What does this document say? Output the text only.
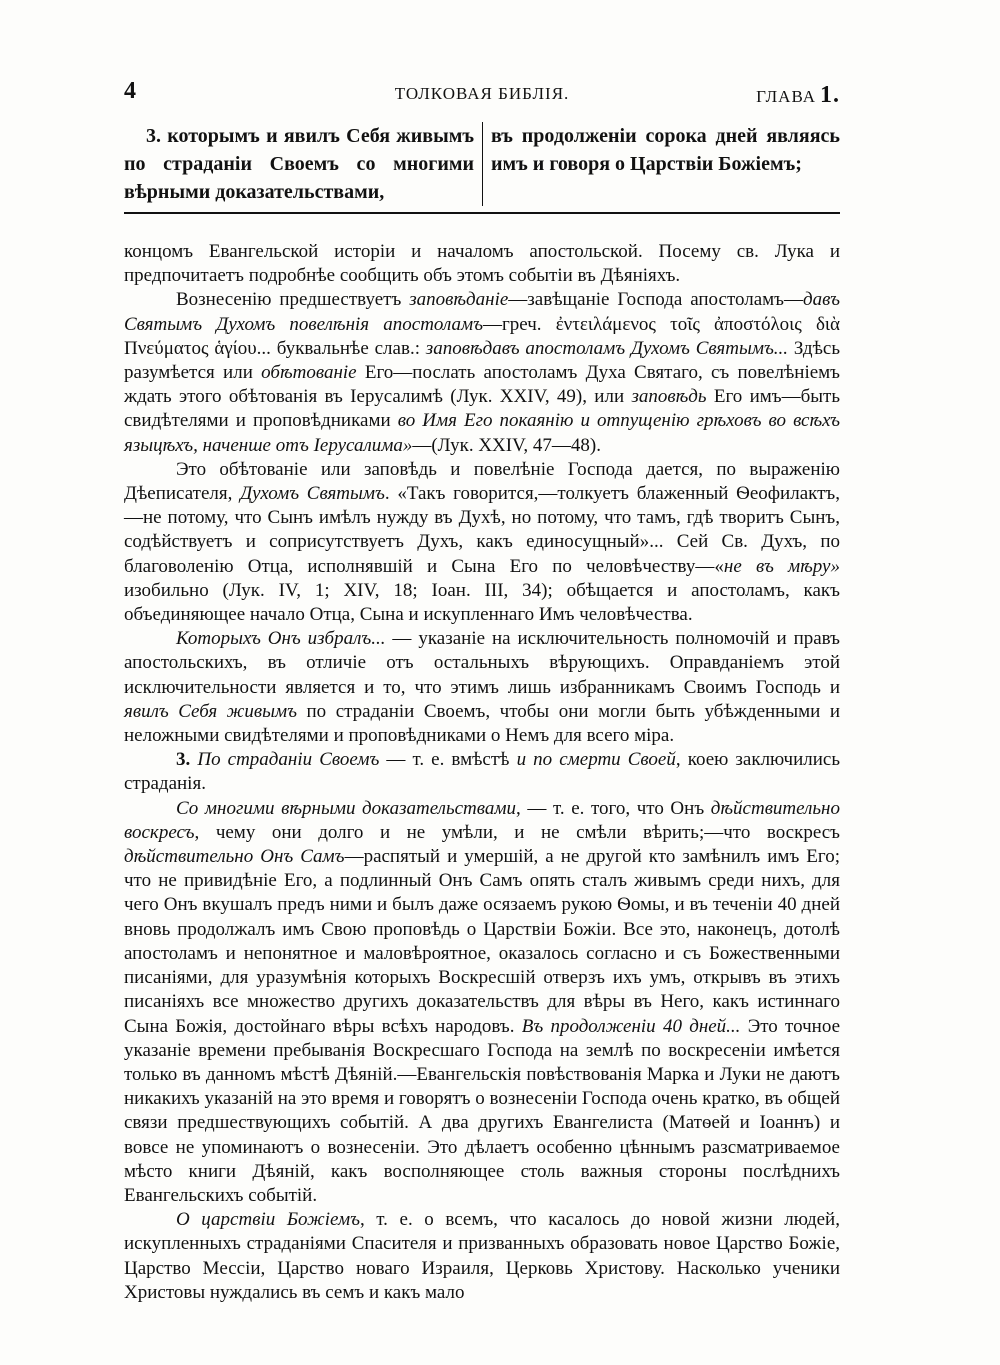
4	ТОЛКОВАЯ БИБЛІЯ.	ГЛАВА 1.
3. которымъ и явилъ Себя живымъ по страданіи Своемъ со многими вѣрными доказательствами,
въ продолженіи сорока дней являясь имъ и говоря о Царствіи Божіемъ;

концомъ Евангельской исторіи и началомъ апостольской. Посему св. Лука и предпочитаетъ подробнѣе сообщить объ этомъ событіи въ Дѣяніяхъ.

Вознесенію предшествуетъ заповѣданіе—завѣщаніе Господа апостоламъ—давъ Святымъ Духомъ повелѣнія апостоламъ—греч. ἐντειλάμενος τοῖς ἀποστόλοις διὰ Πνεύματος ἁγίου... буквальнѣе слав.: заповѣдавъ апостоламъ Духомъ Святымъ... Здѣсь разумѣется или обѣтованіе Его—послать апостоламъ Духа Святаго, съ повелѣніемъ ждать этого обѣтованія въ Іерусалимѣ (Лук. XXIV, 49), или заповѣдь Его имъ—быть свидѣтелями и проповѣдниками во Имя Его покаянію и отпущенію грѣховъ во всѣхъ языцѣхъ, наченше отъ Іерусалима»—(Лук. XXIV, 47—48).

Это обѣтованіе или заповѣдь и повелѣніе Господа дается, по выраженію Дѣеписателя, Духомъ Святымъ. «Такъ говорится,—толкуетъ блаженный Ѳеофилактъ,—не потому, что Сынъ имѣлъ нужду въ Духѣ, но потому, что тамъ, гдѣ творитъ Сынъ, содѣйствуетъ и соприсутствуетъ Духъ, какъ единосущный»... Сей Св. Духъ, по благоволенію Отца, исполнявшій и Сына Его по человѣчеству—«не въ мѣру» изобильно (Лук. IV, 1; XIV, 18; Іоан. III, 34); обѣщается и апостоламъ, какъ объединяющее начало Отца, Сына и искупленнаго Имъ человѣчества.

Которыхъ Онъ избралъ... — указаніе на исключительность полномочій и правъ апостольскихъ, въ отличіе отъ остальныхъ вѣрующихъ. Оправданіемъ этой исключительности является и то, что этимъ лишь избранникамъ Своимъ Господь и явилъ Себя живымъ по страданіи Своемъ, чтобы они могли быть убѣжденными и неложными свидѣтелями и проповѣдниками о Немъ для всего міра.

3. По страданіи Своемъ — т. е. вмѣстѣ и по смерти Своей, коею заключились страданія.

Со многими вѣрными доказательствами, — т. е. того, что Онъ дѣйствительно воскресъ, чему они долго и не умѣли, и не смѣли вѣрить;—что воскресъ дѣйствительно Онъ Самъ—распятый и умершій, а не другой кто замѣнилъ имъ Его; что не привидѣніе Его, а подлинный Онъ Самъ опять сталъ живымъ среди нихъ, для чего Онъ вкушалъ предъ ними и былъ даже осязаемъ рукою Ѳомы, и въ теченіи 40 дней вновь продолжалъ имъ Свою проповѣдь о Царствіи Божіи. Все это, наконецъ, дотолѣ апостоламъ и непонятное и маловѣроятное, оказалось согласно и съ Божественными писаніями, для уразумѣнія которыхъ Воскресшій отверзъ ихъ умъ, открывъ въ этихъ писаніяхъ все множество другихъ доказательствъ для вѣры въ Него, какъ истиннаго Сына Божія, достойнаго вѣры всѣхъ народовъ. Въ продолженіи 40 дней... Это точное указаніе времени пребыванія Воскресшаго Господа на землѣ по воскресеніи имѣется только въ данномъ мѣстѣ Дѣяній.—Евангельскія повѣствованія Марка и Луки не даютъ никакихъ указаній на это время и говорятъ о вознесеніи Господа очень кратко, въ общей связи предшествующихъ событій. А два другихъ Евангелиста (Матѳей и Іоаннъ) и вовсе не упоминаютъ о вознесеніи. Это дѣлаетъ особенно цѣннымъ разсматриваемое мѣсто книги Дѣяній, какъ восполняющее столь важныя стороны послѣднихъ Евангельскихъ событій.

О царствіи Божіемъ, т. е. о всемъ, что касалось до новой жизни людей, искупленныхъ страданіями Спасителя и призванныхъ образовать новое Царство Божіе, Царство Мессіи, Царство новаго Израиля, Церковь Христову. Насколько ученики Христовы нуждались въ семъ и какъ мало
